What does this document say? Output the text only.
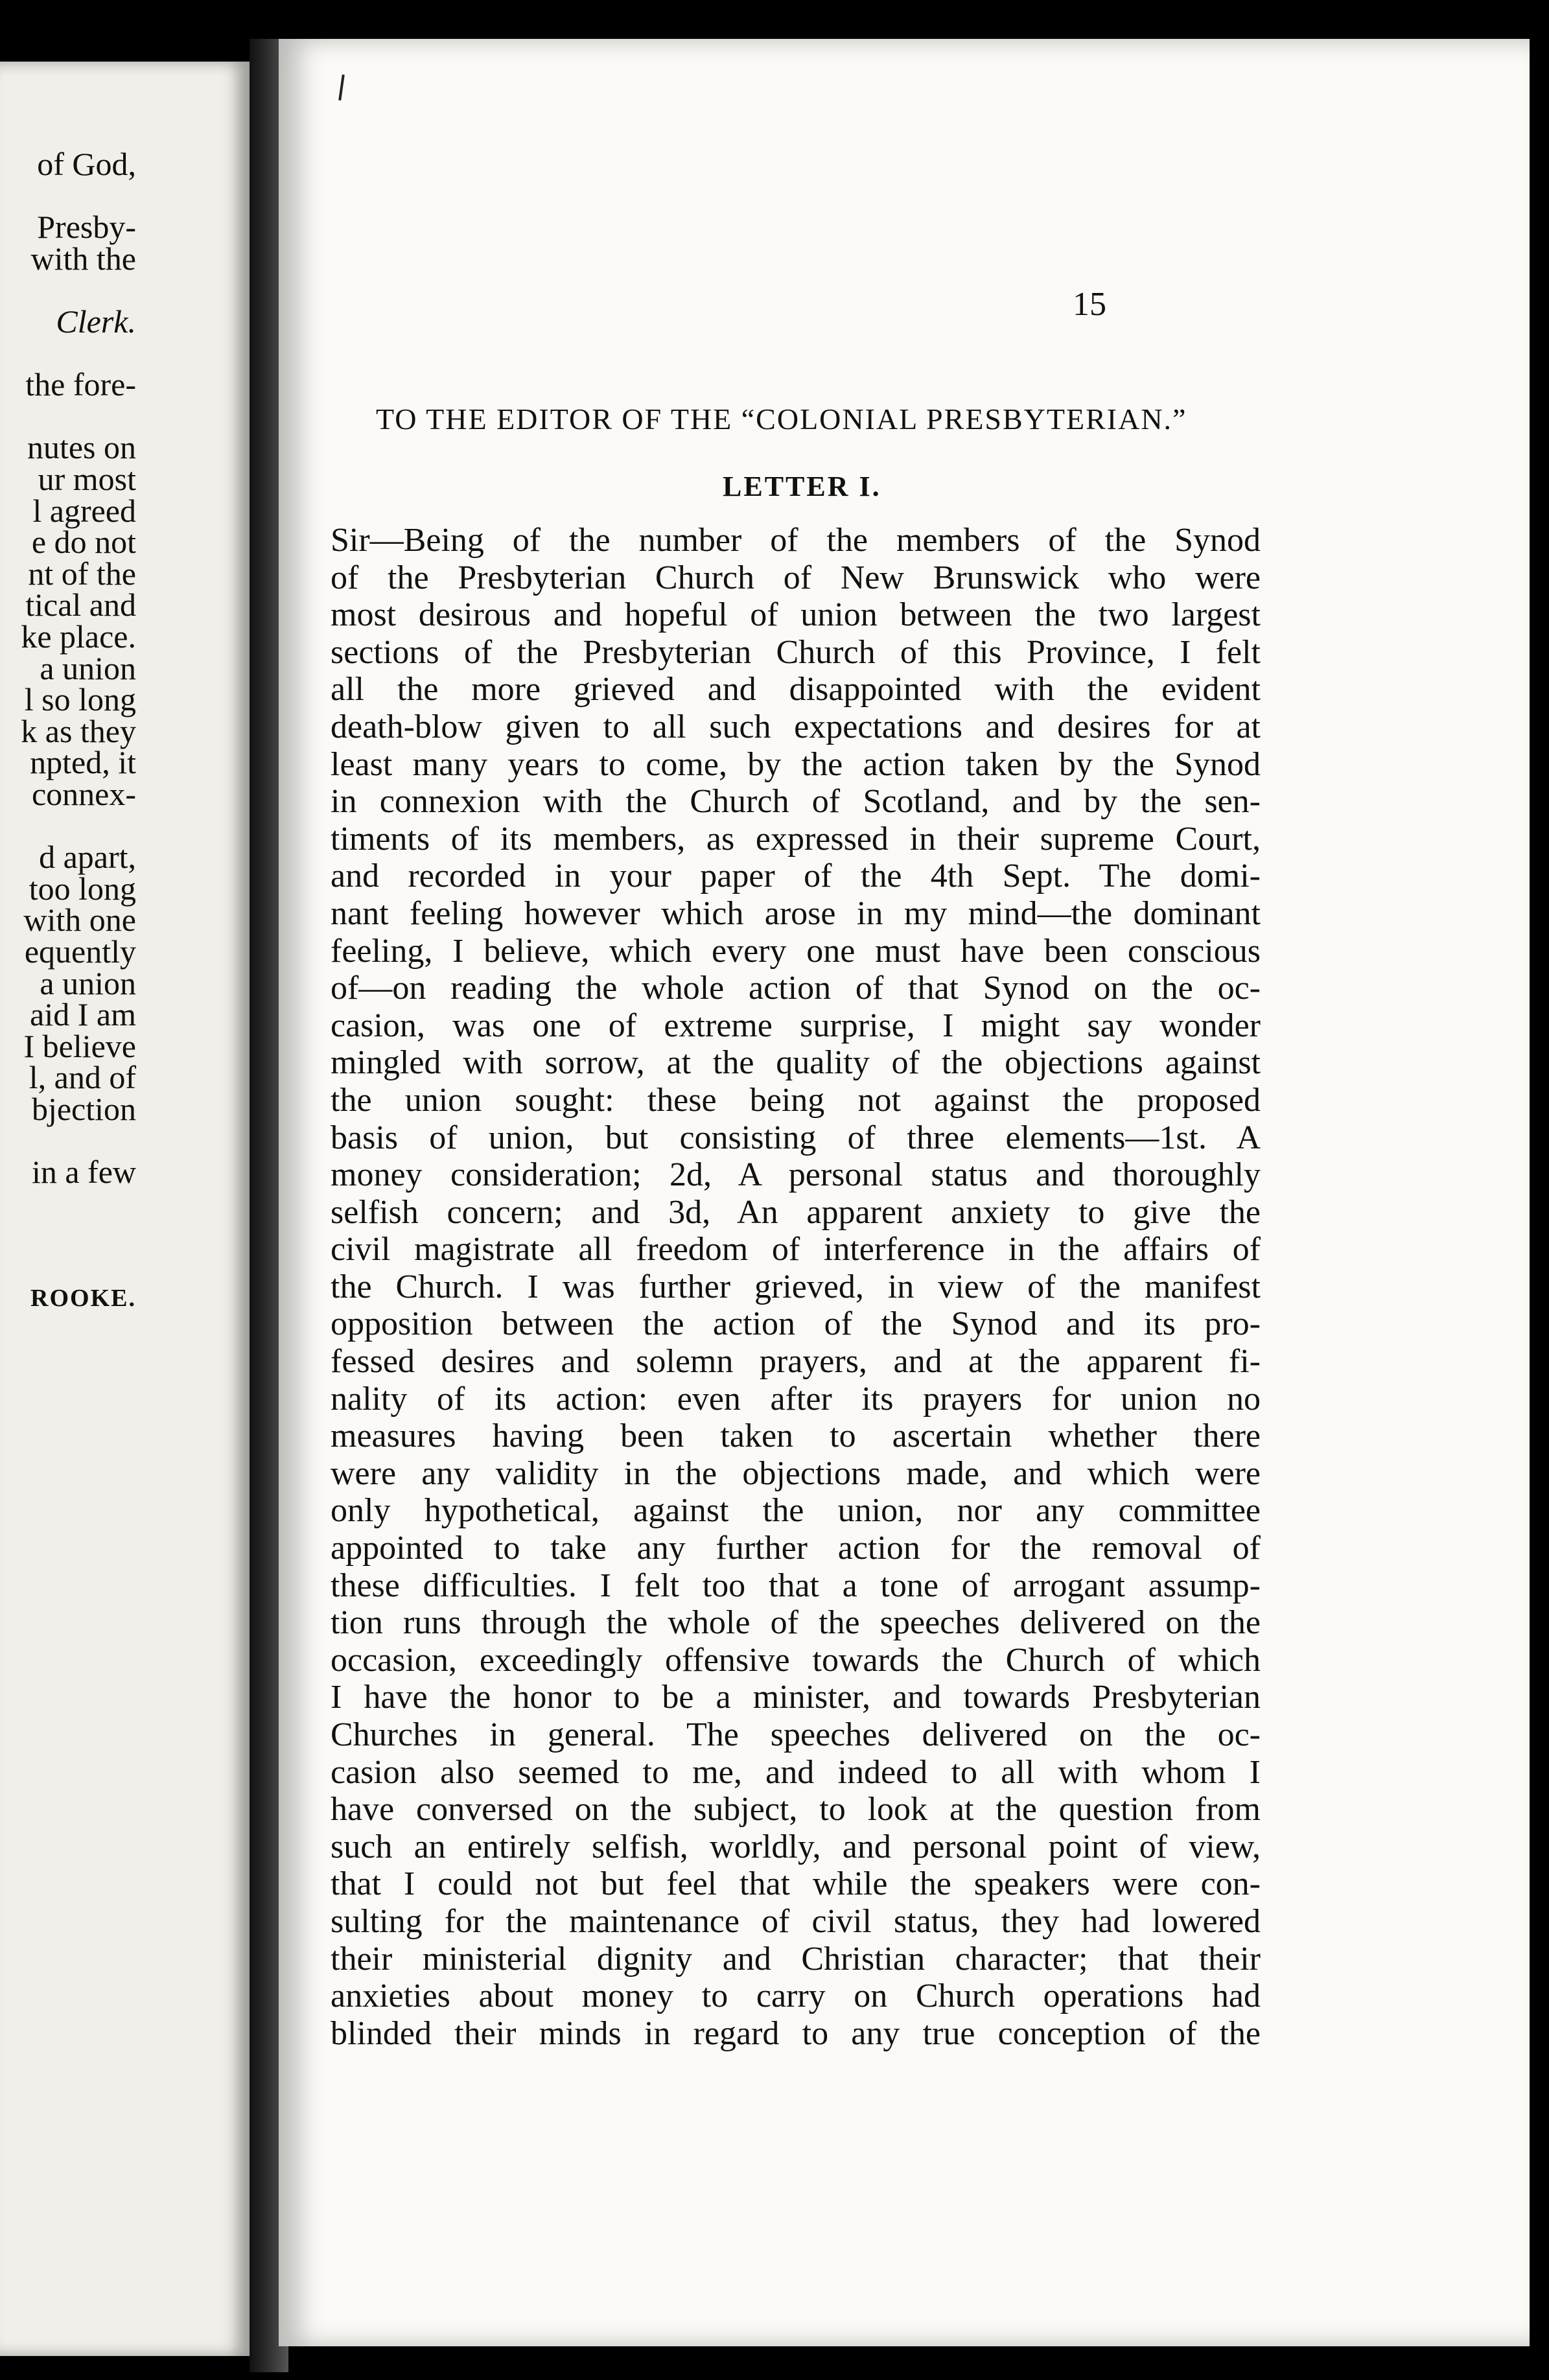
of God,
Presby-
with the
Clerk.
the fore-
nutes on
ur most
l agreed
e do not
nt of the
tical and
ke place.
a union
l so long
k as they
npted, it
connex-
d apart,
too long
with one
equently
a union
aid I am
I believe
l, and of
bjection
in a few
ROOKE.
15
TO THE EDITOR OF THE “COLONIAL PRESBYTERIAN.”
LETTER I.
Sir—Being of the number of the members of the Synod
of the Presbyterian Church of New Brunswick who were
most desirous and hopeful of union between the two largest
sections of the Presbyterian Church of this Province, I felt
all the more grieved and disappointed with the evident
death-blow given to all such expectations and desires for at
least many years to come, by the action taken by the Synod
in connexion with the Church of Scotland, and by the sen-
timents of its members, as expressed in their supreme Court,
and recorded in your paper of the 4th Sept. The domi-
nant feeling however which arose in my mind—the dominant
feeling, I believe, which every one must have been conscious
of—on reading the whole action of that Synod on the oc-
casion, was one of extreme surprise, I might say wonder
mingled with sorrow, at the quality of the objections against
the union sought: these being not against the proposed
basis of union, but consisting of three elements—1st. A
money consideration; 2d, A personal status and thoroughly
selfish concern; and 3d, An apparent anxiety to give the
civil magistrate all freedom of interference in the affairs of
the Church. I was further grieved, in view of the manifest
opposition between the action of the Synod and its pro-
fessed desires and solemn prayers, and at the apparent fi-
nality of its action: even after its prayers for union no
measures having been taken to ascertain whether there
were any validity in the objections made, and which were
only hypothetical, against the union, nor any committee
appointed to take any further action for the removal of
these difficulties. I felt too that a tone of arrogant assump-
tion runs through the whole of the speeches delivered on the
occasion, exceedingly offensive towards the Church of which
I have the honor to be a minister, and towards Presbyterian
Churches in general. The speeches delivered on the oc-
casion also seemed to me, and indeed to all with whom I
have conversed on the subject, to look at the question from
such an entirely selfish, worldly, and personal point of view,
that I could not but feel that while the speakers were con-
sulting for the maintenance of civil status, they had lowered
their ministerial dignity and Christian character; that their
anxieties about money to carry on Church operations had
blinded their minds in regard to any true conception of the
